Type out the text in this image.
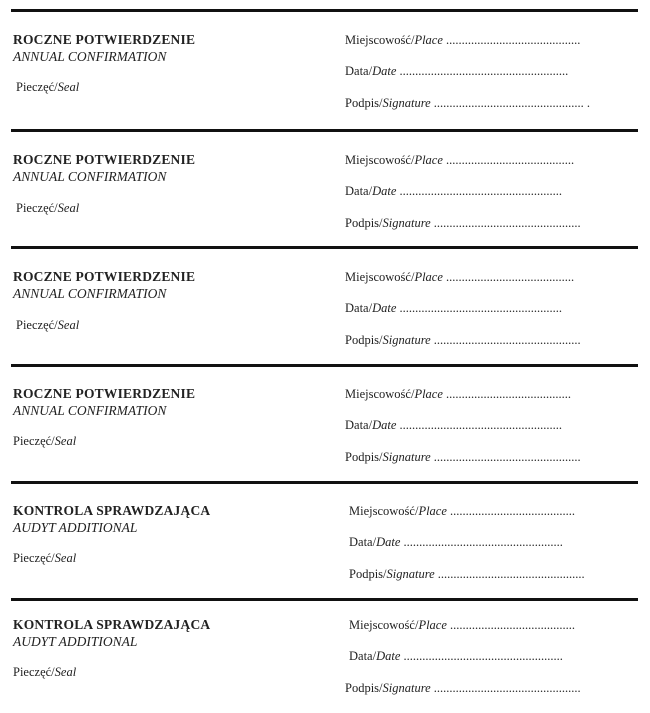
ROCZNE POTWIERDZENIE
ANNUAL CONFIRMATION
Pieczęć/Seal
Miejscowość/Place ...........................................
Data/Date ......................................................
Podpis/Signature ................................................ .
ROCZNE POTWIERDZENIE
ANNUAL CONFIRMATION
Pieczęć/Seal
Miejscowość/Place .........................................
Data/Date ....................................................
Podpis/Signature ...............................................
ROCZNE POTWIERDZENIE
ANNUAL CONFIRMATION
Pieczęć/Seal
Miejscowość/Place .........................................
Data/Date ....................................................
Podpis/Signature ...............................................
ROCZNE POTWIERDZENIE
ANNUAL CONFIRMATION
Pieczęć/Seal
Miejscowość/Place ........................................
Data/Date ....................................................
Podpis/Signature ...............................................
KONTROLA SPRAWDZAJĄCA
AUDYT ADDITIONAL
Pieczęć/Seal
Miejscowość/Place ........................................
Data/Date ...................................................
Podpis/Signature ...............................................
KONTROLA SPRAWDZAJĄCA
AUDYT ADDITIONAL
Pieczęć/Seal
Miejscowość/Place ........................................
Data/Date ...................................................
Podpis/Signature ...............................................
